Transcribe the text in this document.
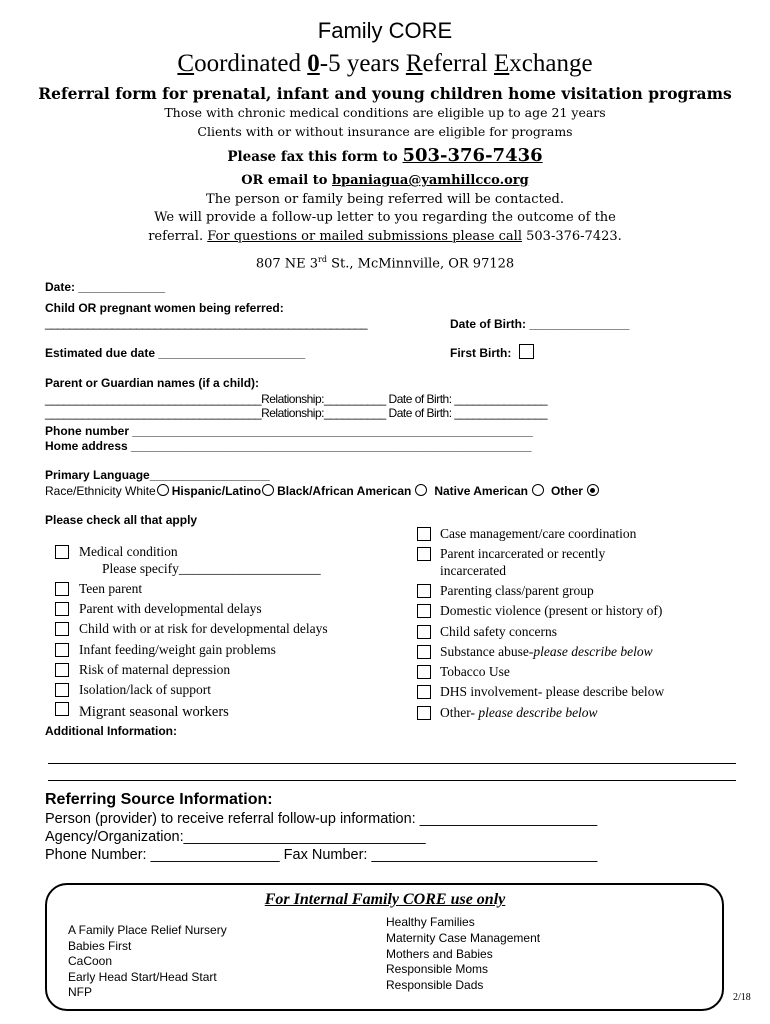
Family CORE
Coordinated 0-5 years Referral Exchange
Referral form for prenatal, infant and young children home visitation programs
Those with chronic medical conditions are eligible up to age 21 years
Clients with or without insurance are eligible for programs
Please fax this form to 503-376-7436
OR email to bpaniagua@yamhillcco.org
The person or family being referred will be contacted.
We will provide a follow-up letter to you regarding the outcome of the
referral. For questions or mailed submissions please call 503-376-7423.
807 NE 3rd St., McMinnville, OR 97128
Date: _____________
Child OR pregnant women being referred:
_____________________________________________________	Date of Birth: _______________
Estimated due date ______________________	First Birth:
Parent or Guardian names (if a child):
___________________________________Relationship:__________ Date of Birth: _______________
___________________________________Relationship:__________ Date of Birth: _______________
Phone number ____________________________________________________________
Home address ____________________________________________________________
Primary Language__________________
Race/Ethnicity White Hispanic/Latino Black/African American Native American Other
Please check all that apply
Medical condition
Please specify_____________________
Teen parent
Parent with developmental delays
Child with or at risk for developmental delays
Infant feeding/weight gain problems
Risk of maternal depression
Isolation/lack of support
Migrant seasonal workers
Case management/care coordination
Parent incarcerated or recently
incarcerated
Parenting class/parent group
Domestic violence (present or history of)
Child safety concerns
Substance abuse-please describe below
Tobacco Use
DHS involvement- please describe below
Other- please describe below
Additional Information:
Referring Source Information:
Person (provider) to receive referral follow-up information: ______________________
Agency/Organization:______________________________
Phone Number: ________________ Fax Number: ____________________________
For Internal Family CORE use only
A Family Place Relief Nursery
Babies First
CaCoon
Early Head Start/Head Start
NFP
Healthy Families
Maternity Case Management
Mothers and Babies
Responsible Moms
Responsible Dads
2/18
